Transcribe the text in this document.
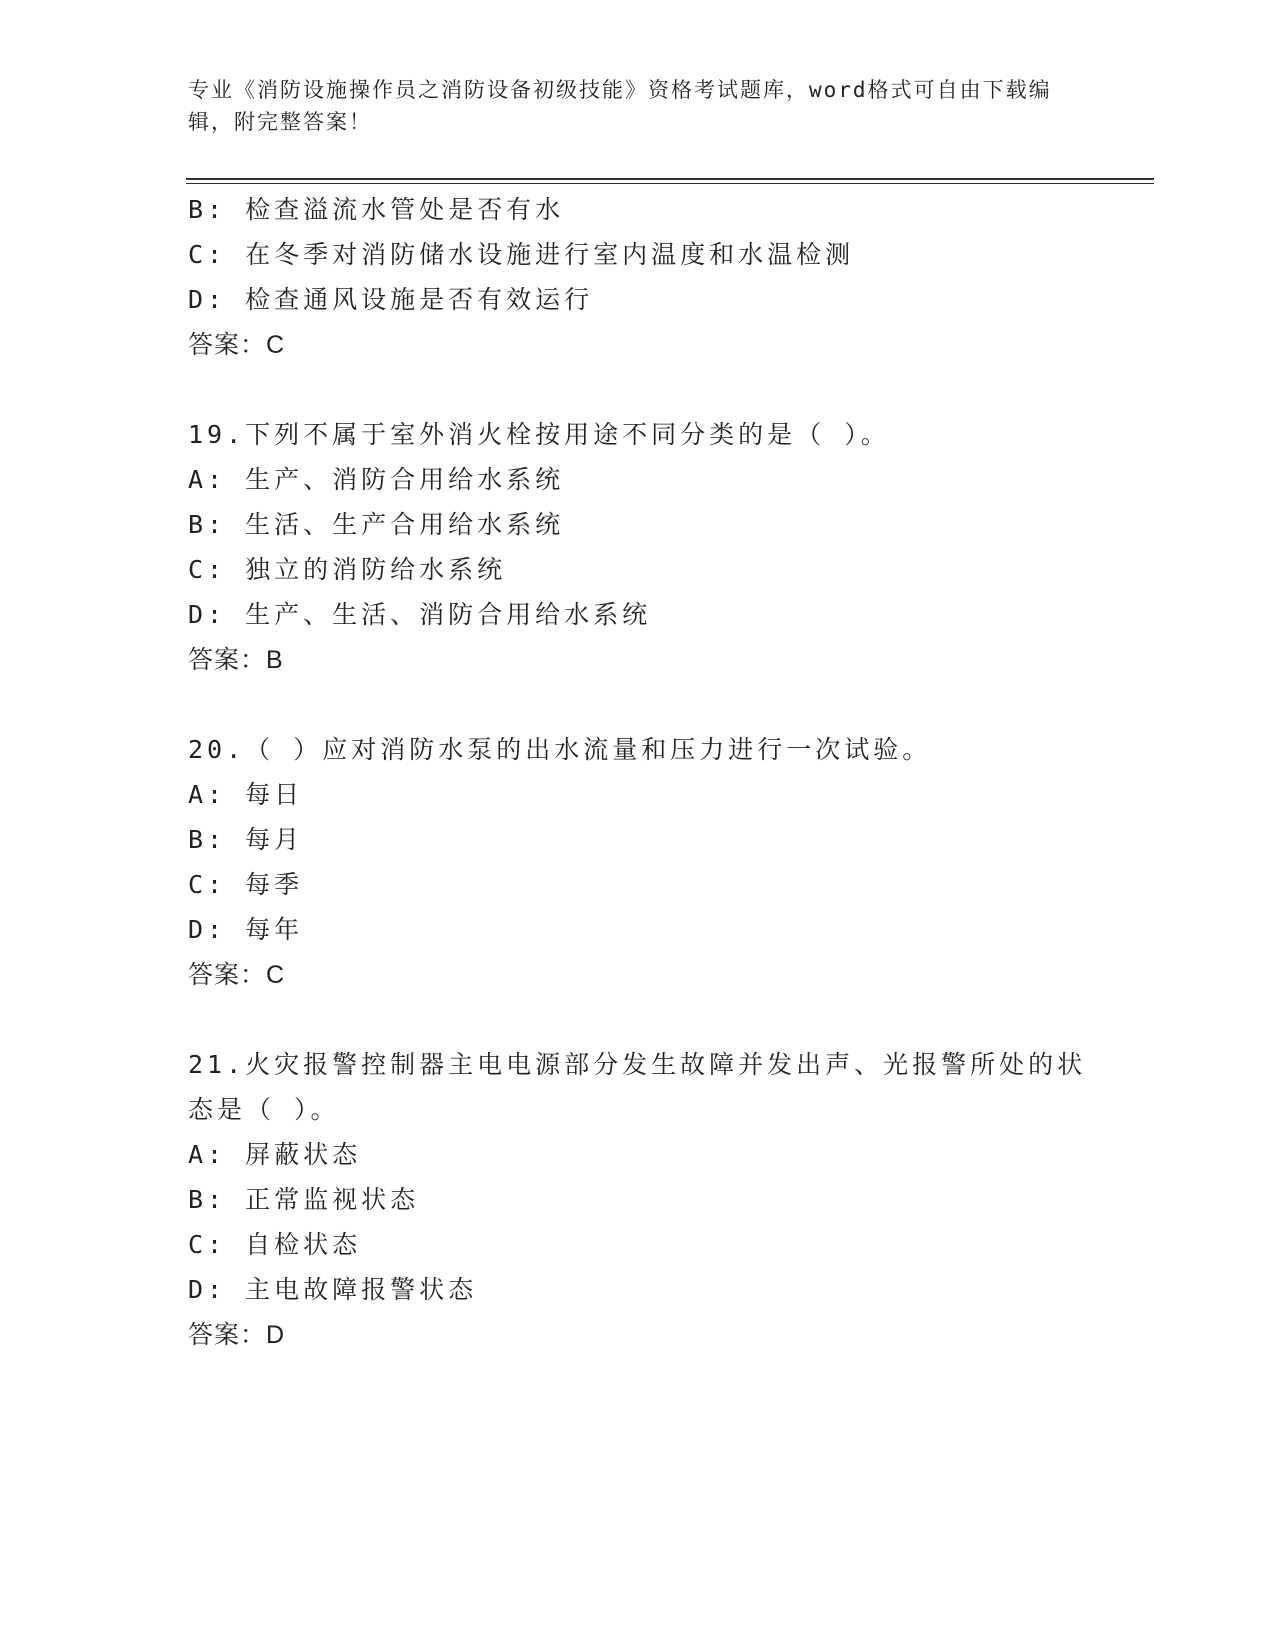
专业《消防设施操作员之消防设备初级技能》资格考试题库，word格式可自由下载编辑，附完整答案！
B: 检查溢流水管处是否有水
C: 在冬季对消防储水设施进行室内温度和水温检测
D: 检查通风设施是否有效运行
答案：C
19.下列不属于室外消火栓按用途不同分类的是（ ）。
A: 生产、消防合用给水系统
B: 生活、生产合用给水系统
C: 独立的消防给水系统
D: 生产、生活、消防合用给水系统
答案：B
20.（ ）应对消防水泵的出水流量和压力进行一次试验。
A: 每日
B: 每月
C: 每季
D: 每年
答案：C
21.火灾报警控制器主电电源部分发生故障并发出声、光报警所处的状
态是（ ）。
A: 屏蔽状态
B: 正常监视状态
C: 自检状态
D: 主电故障报警状态
答案：D
